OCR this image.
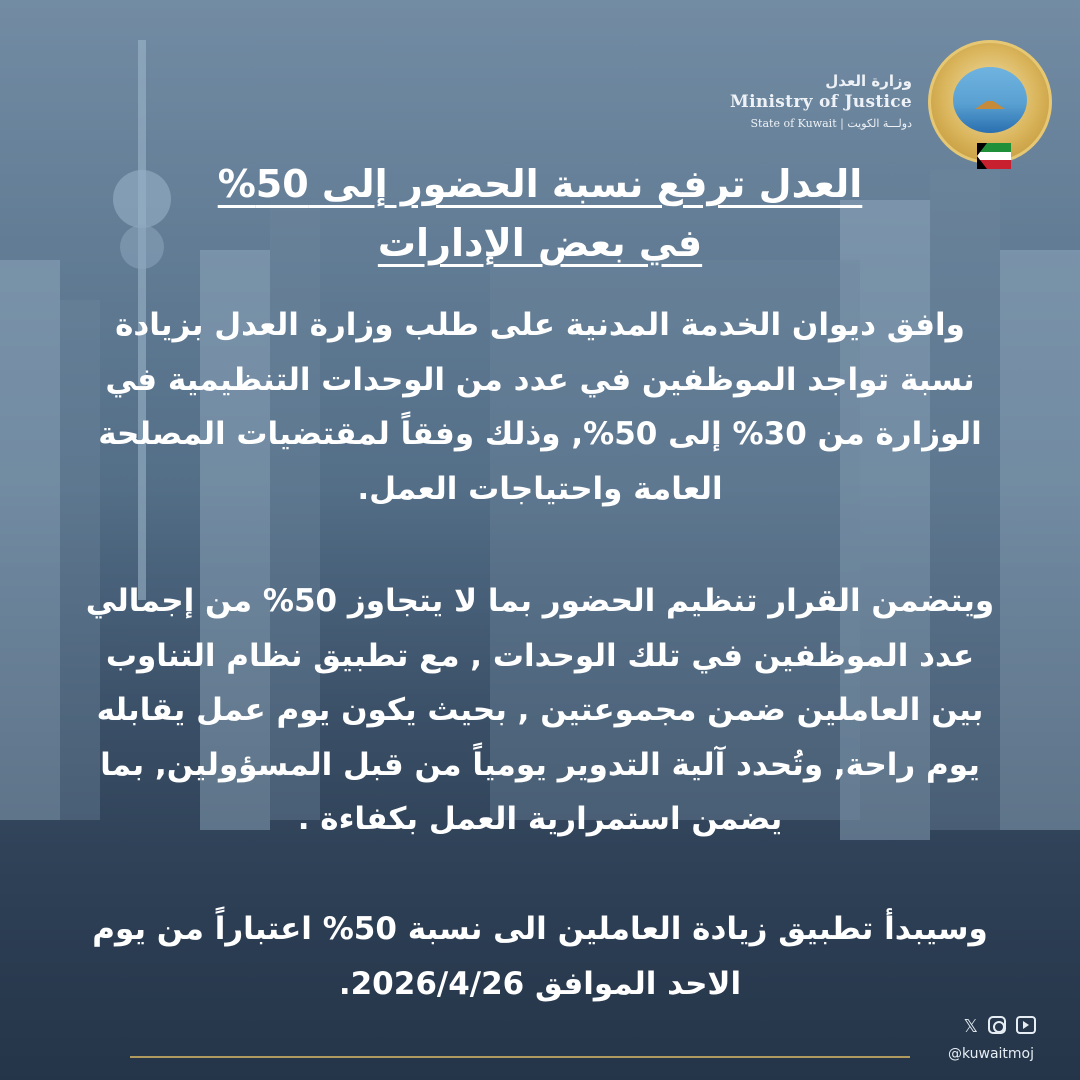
وزارة العدل
Ministry of Justice
State of Kuwait | دولـــة الكويت
العدل ترفع نسبة الحضور إلى 50%
في بعض الإدارات
وافق ديوان الخدمة المدنية على طلب وزارة العدل بزيادة
نسبة تواجد الموظفين في عدد من الوحدات التنظيمية في
الوزارة من 30% إلى 50%, وذلك وفقاً لمقتضيات المصلحة
العامة واحتياجات العمل.
ويتضمن القرار تنظيم الحضور بما لا يتجاوز 50% من إجمالي
عدد الموظفين في تلك الوحدات , مع تطبيق نظام التناوب
بين العاملين ضمن مجموعتين , بحيث يكون يوم عمل يقابله
يوم راحة, وتُحدد آلية التدوير يومياً من قبل المسؤولين, بما
يضمن استمرارية العمل بكفاءة .
وسيبدأ تطبيق زيادة العاملين الى نسبة 50% اعتباراً من يوم
الاحد الموافق 2026/4/26.
𝕏
@kuwaitmoj
